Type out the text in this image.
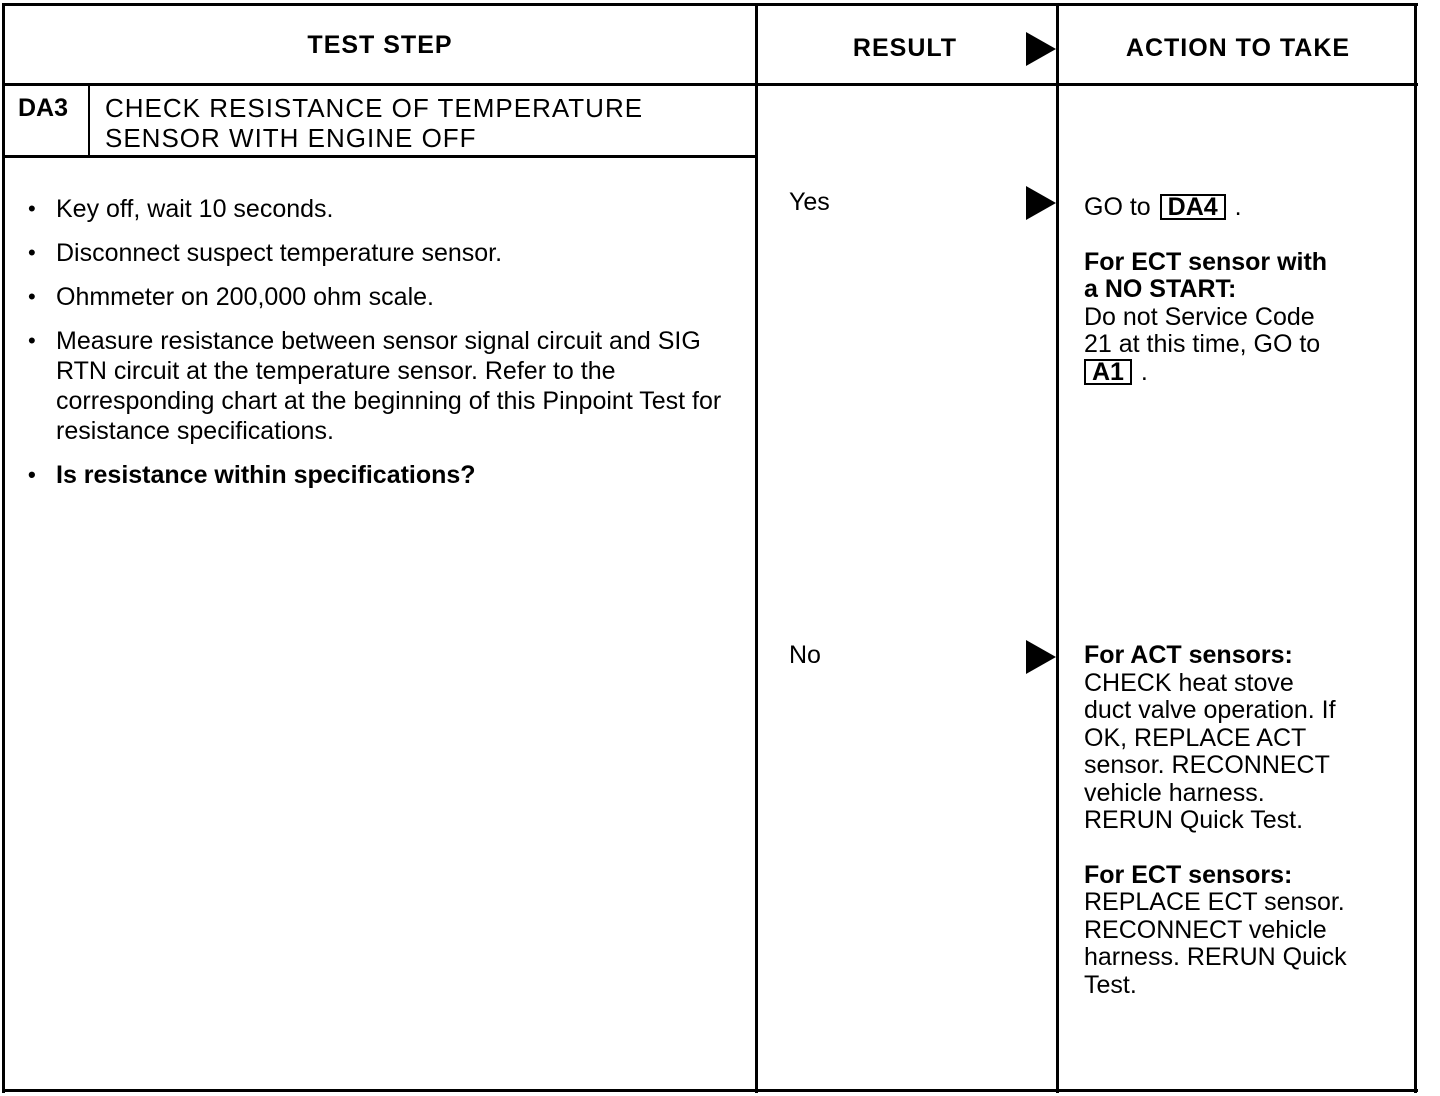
TEST STEP	RESULT	ACTION TO TAKE
DA3 CHECK RESISTANCE OF TEMPERATURE
SENSOR WITH ENGINE OFF
• Key off, wait 10 seconds.
• Disconnect suspect temperature sensor.
• Ohmmeter on 200,000 ohm scale.
• Measure resistance between sensor signal circuit and SIG RTN circuit at the temperature sensor. Refer to the corresponding chart at the beginning of this Pinpoint Test for resistance specifications.
• Is resistance within specifications?
Yes
No
GO to DA4 .
For ECT sensor with
a NO START:
Do not Service Code
21 at this time, GO to
A1 .
For ACT sensors:
CHECK heat stove
duct valve operation. If
OK, REPLACE ACT
sensor. RECONNECT
vehicle harness.
RERUN Quick Test.
For ECT sensors:
REPLACE ECT sensor.
RECONNECT vehicle
harness. RERUN Quick
Test.
